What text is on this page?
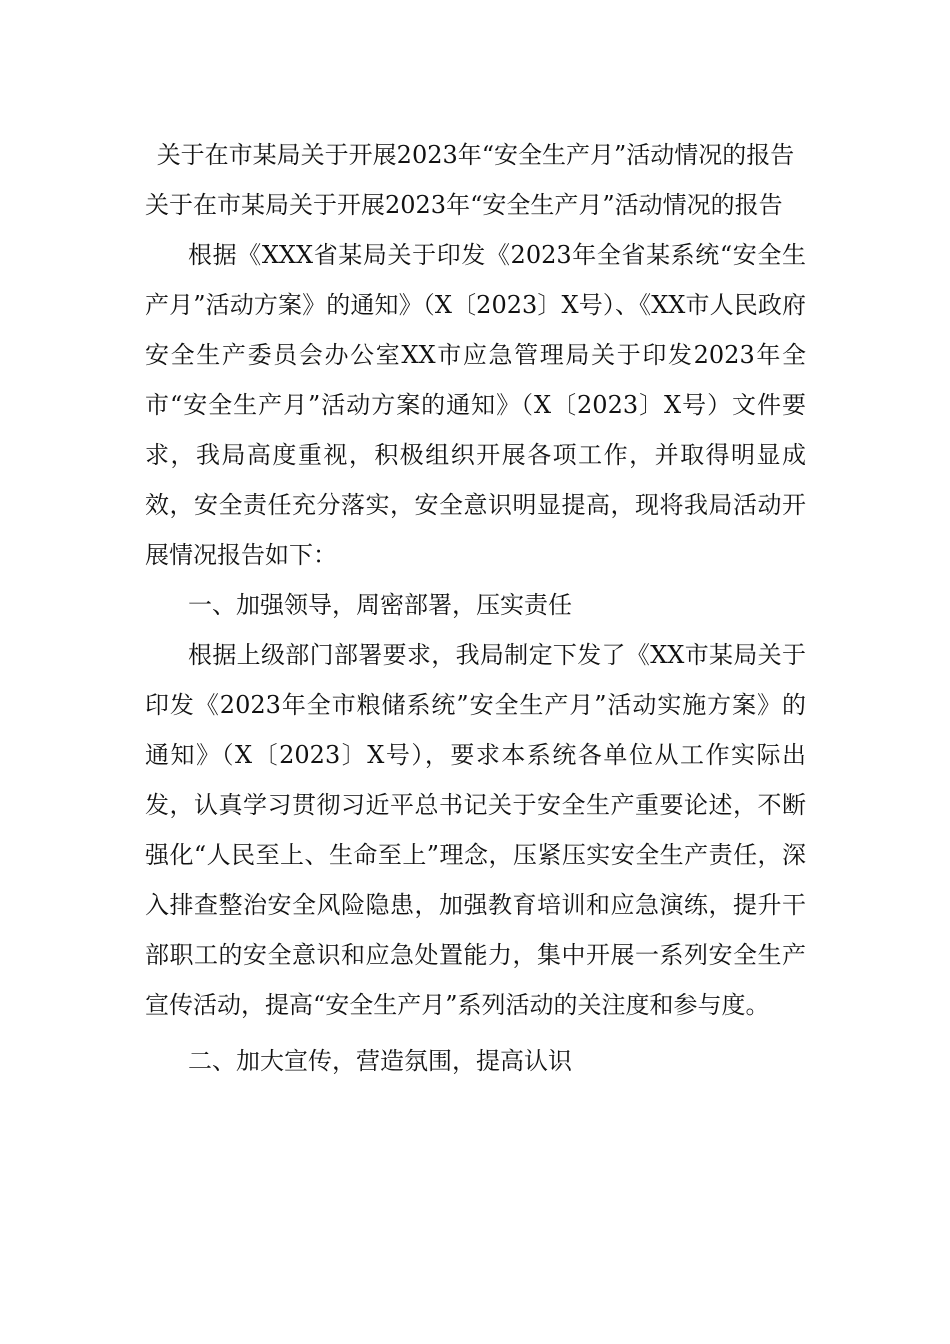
关于在市某局关于开展2023年“安全生产月”活动情况的报告
关于在市某局关于开展2023年“安全生产月”活动情况的报告

根据《XXX省某局关于印发《2023年全省某系统“安全生产月”活动方案》的通知》（X〔2023〕X号）、《XX市人民政府安全生产委员会办公室XX市应急管理局关于印发2023年全市“安全生产月”活动方案的通知》（X〔2023〕X号）文件要求，我局高度重视，积极组织开展各项工作，并取得明显成效，安全责任充分落实，安全意识明显提高，现将我局活动开展情况报告如下：

一、加强领导，周密部署，压实责任

根据上级部门部署要求，我局制定下发了《XX市某局关于印发《2023年全市粮储系统”安全生产月”活动实施方案》的通知》（X〔2023〕X号），要求本系统各单位从工作实际出发，认真学习贯彻习近平总书记关于安全生产重要论述，不断强化“人民至上、生命至上”理念，压紧压实安全生产责任，深入排查整治安全风险隐患，加强教育培训和应急演练，提升干部职工的安全意识和应急处置能力，集中开展一系列安全生产宣传活动，提高“安全生产月”系列活动的关注度和参与度。

二、加大宣传，营造氛围，提高认识
